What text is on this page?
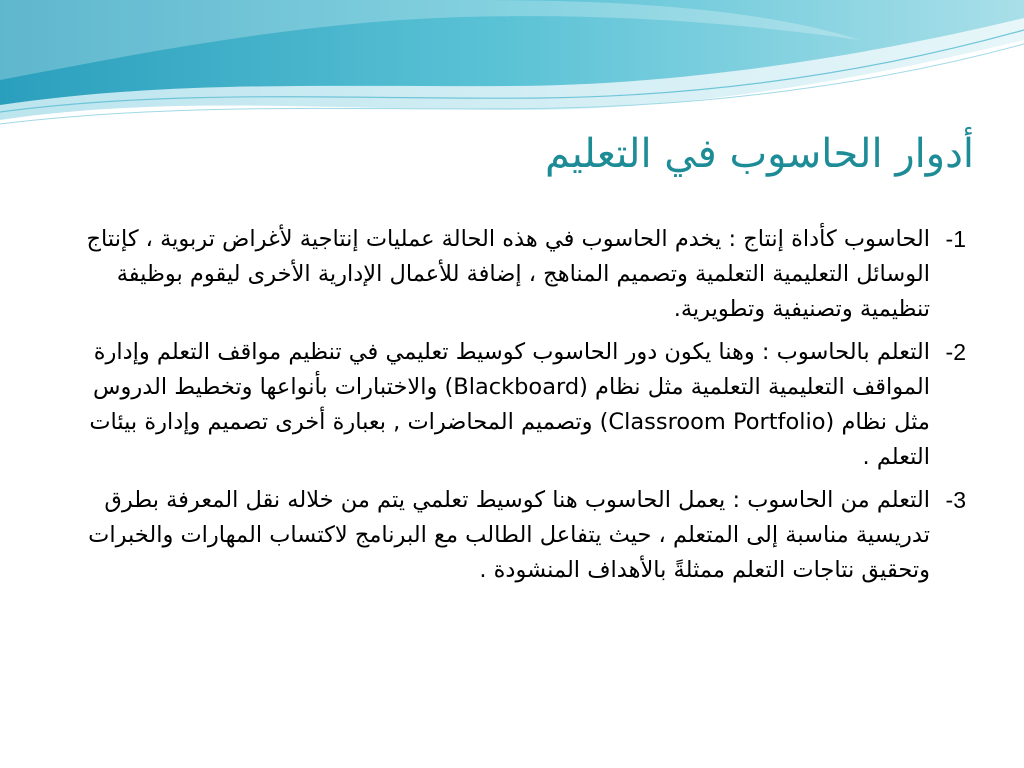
أدوار الحاسوب في التعليم
1-
الحاسوب كأداة إنتاج : يخدم الحاسوب في هذه الحالة عمليات إنتاجية لأغراض تربوية ، كإنتاج الوسائل التعليمية التعلمية وتصميم المناهج ، إضافة للأعمال الإدارية الأخرى ليقوم بوظيفة تنظيمية وتصنيفية وتطويرية.
2-
التعلم بالحاسوب : وهنا يكون دور الحاسوب كوسيط تعليمي في تنظيم مواقف التعلم وإدارة المواقف التعليمية التعلمية مثل نظام (Blackboard) والاختبارات بأنواعها وتخطيط الدروس مثل نظام (Classroom Portfolio) وتصميم المحاضرات , بعبارة أخرى تصميم وإدارة بيئات التعلم .
3-
التعلم من الحاسوب : يعمل الحاسوب هنا كوسيط تعلمي يتم من خلاله نقل المعرفة بطرق تدريسية مناسبة إلى المتعلم ، حيث يتفاعل الطالب مع البرنامج لاكتساب المهارات والخبرات وتحقيق نتاجات التعلم ممثلةً بالأهداف المنشودة .
